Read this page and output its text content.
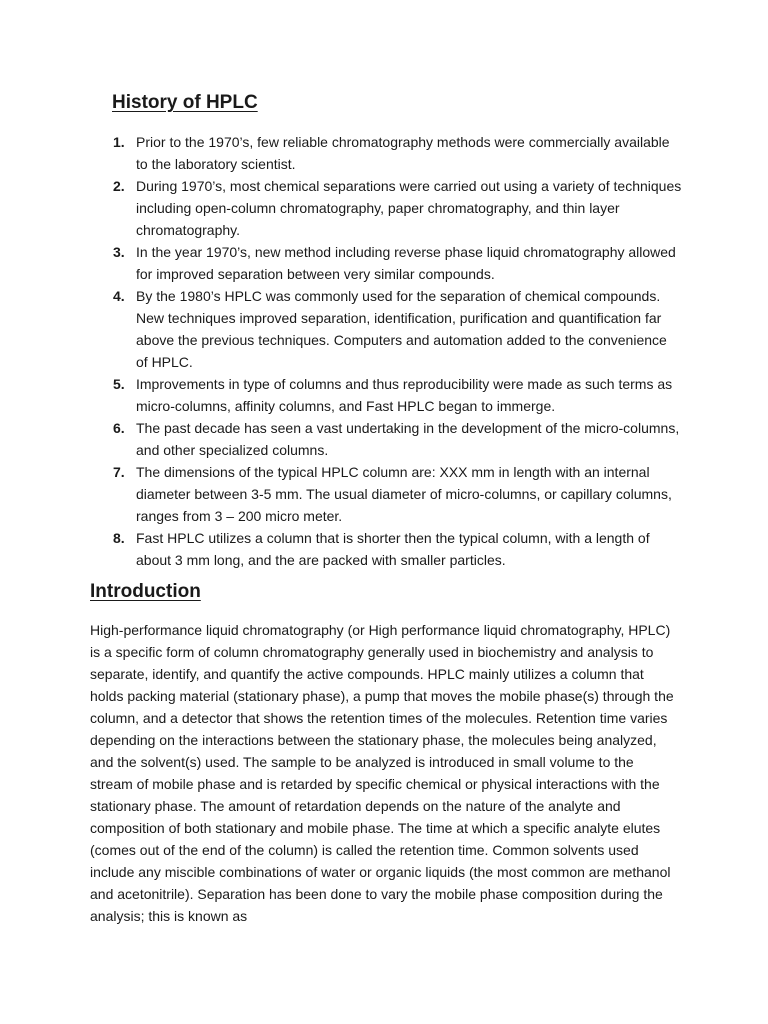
History of HPLC
1. Prior to the 1970’s, few reliable chromatography methods were commercially available to the laboratory scientist.
2. During 1970’s, most chemical separations were carried out using a variety of techniques including open-column chromatography, paper chromatography, and thin layer chromatography.
3. In the year 1970’s, new method including reverse phase liquid chromatography allowed for improved separation between very similar compounds.
4. By the 1980’s HPLC was commonly used for the separation of chemical compounds. New techniques improved separation, identification, purification and quantification far above the previous techniques. Computers and automation added to the convenience of HPLC.
5. Improvements in type of columns and thus reproducibility were made as such terms as micro-columns, affinity columns, and Fast HPLC began to immerge.
6. The past decade has seen a vast undertaking in the development of the micro-columns, and other specialized columns.
7. The dimensions of the typical HPLC column are: XXX mm in length with an internal diameter between 3-5 mm. The usual diameter of micro-columns, or capillary columns, ranges from 3 – 200 micro meter.
8. Fast HPLC utilizes a column that is shorter then the typical column, with a length of about 3 mm long, and the are packed with smaller particles.
Introduction

High-performance liquid chromatography (or High performance liquid chromatography, HPLC) is a specific form of column chromatography generally used in biochemistry and analysis to separate, identify, and quantify the active compounds. HPLC mainly utilizes a column that holds packing material (stationary phase), a pump that moves the mobile phase(s) through the column, and a detector that shows the retention times of the molecules. Retention time varies depending on the interactions between the stationary phase, the molecules being analyzed, and the solvent(s) used. The sample to be analyzed is introduced in small volume to the stream of mobile phase and is retarded by specific chemical or physical interactions with the stationary phase. The amount of retardation depends on the nature of the analyte and composition of both stationary and mobile phase. The time at which a specific analyte elutes (comes out of the end of the column) is called the retention time. Common solvents used include any miscible combinations of water or organic liquids (the most common are methanol and acetonitrile). Separation has been done to vary the mobile phase composition during the analysis; this is known as
